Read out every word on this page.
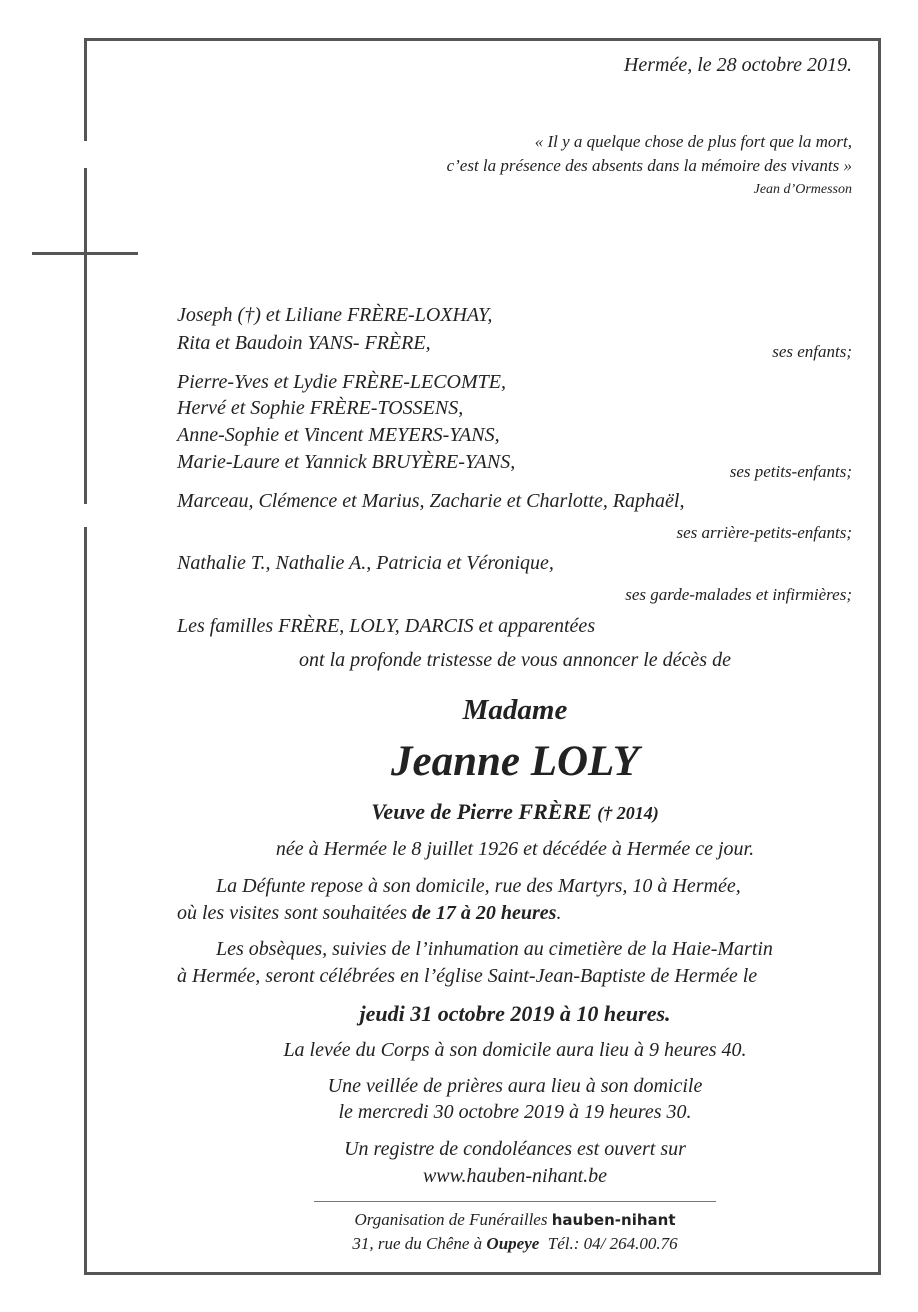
Hermée, le 28 octobre 2019.
« Il y a quelque chose de plus fort que la mort,
c’est la présence des absents dans la mémoire des vivants »
Jean d’Ormesson
Joseph (†) et Liliane FRÈRE-LOXHAY,
Rita et Baudoin YANS- FRÈRE,	ses enfants;
Pierre-Yves et Lydie FRÈRE-LECOMTE,
Hervé et Sophie FRÈRE-TOSSENS,
Anne-Sophie et Vincent MEYERS-YANS,
Marie-Laure et Yannick BRUYÈRE-YANS,	ses petits-enfants;
Marceau, Clémence et Marius, Zacharie et Charlotte, Raphaël,
ses arrière-petits-enfants;
Nathalie T., Nathalie A., Patricia et Véronique,
ses garde-malades et infirmières;
Les familles FRÈRE, LOLY, DARCIS et apparentées
ont la profonde tristesse de vous annoncer le décès de
Madame
Jeanne LOLY
Veuve de Pierre FRÈRE († 2014)
née à Hermée le 8 juillet 1926 et décédée à Hermée ce jour.
La Défunte repose à son domicile, rue des Martyrs, 10 à Hermée,
où les visites sont souhaitées de 17 à 20 heures.
Les obsèques, suivies de l’inhumation au cimetière de la Haie-Martin
à Hermée, seront célébrées en l’église Saint-Jean-Baptiste de Hermée le
jeudi 31 octobre 2019 à 10 heures.
La levée du Corps à son domicile aura lieu à 9 heures 40.
Une veillée de prières aura lieu à son domicile
le mercredi 30 octobre 2019 à 19 heures 30.
Un registre de condoléances est ouvert sur
www.hauben-nihant.be
Organisation de Funérailles hauben-nihant
31, rue du Chêne à Oupeye  Tél.: 04/ 264.00.76
